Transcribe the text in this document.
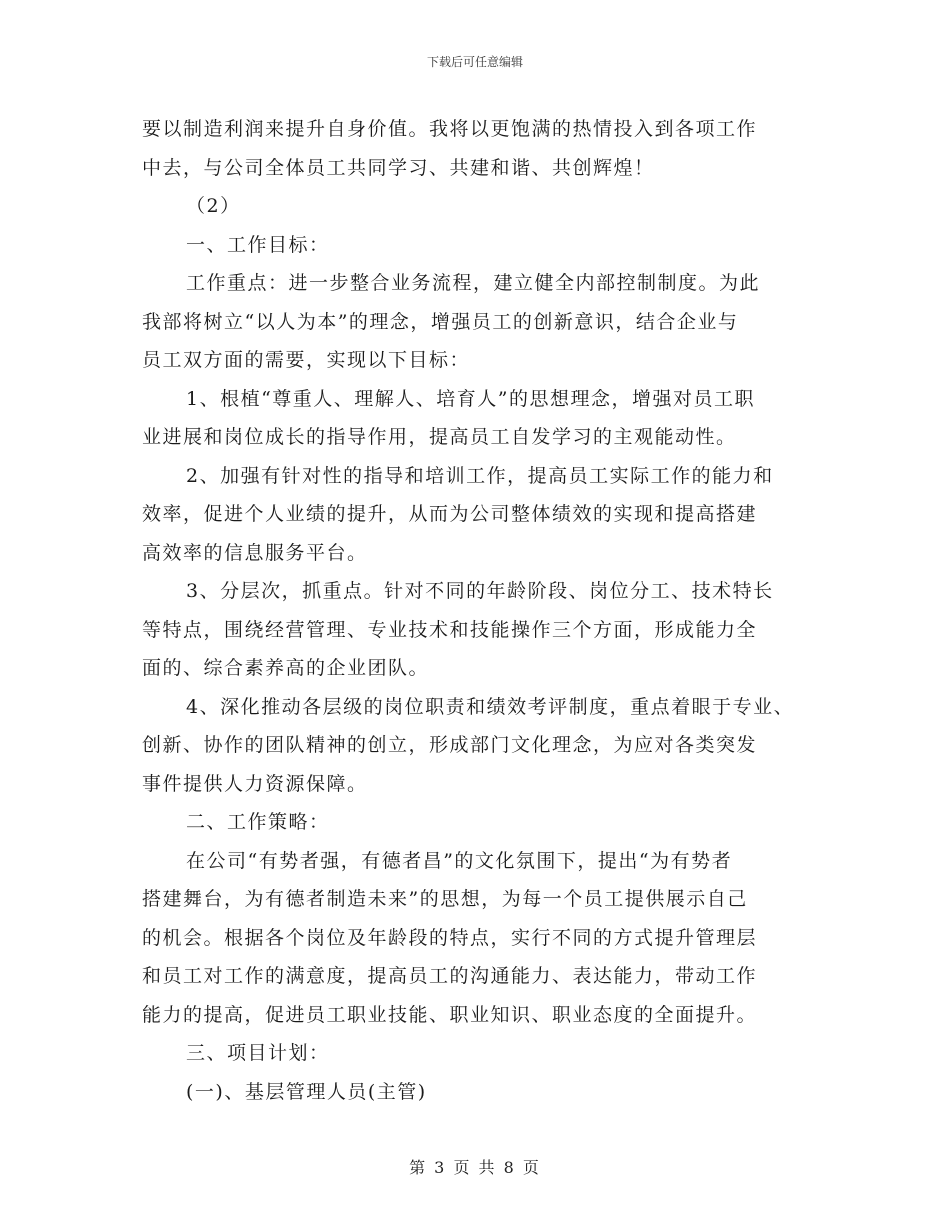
下载后可任意编辑
要以制造利润来提升自身价值。我将以更饱满的热情投入到各项工作
中去，与公司全体员工共同学习、共建和谐、共创辉煌！
（2）
一、工作目标：
工作重点：进一步整合业务流程，建立健全内部控制制度。为此
我部将树立“以人为本”的理念，增强员工的创新意识，结合企业与
员工双方面的需要，实现以下目标：
1、根植“尊重人、理解人、培育人”的思想理念，增强对员工职
业进展和岗位成长的指导作用，提高员工自发学习的主观能动性。
2、加强有针对性的指导和培训工作，提高员工实际工作的能力和
效率，促进个人业绩的提升，从而为公司整体绩效的实现和提高搭建
高效率的信息服务平台。
3、分层次，抓重点。针对不同的年龄阶段、岗位分工、技术特长
等特点，围绕经营管理、专业技术和技能操作三个方面，形成能力全
面的、综合素养高的企业团队。
4、深化推动各层级的岗位职责和绩效考评制度，重点着眼于专业、
创新、协作的团队精神的创立，形成部门文化理念，为应对各类突发
事件提供人力资源保障。
二、工作策略：
在公司“有势者强，有德者昌”的文化氛围下，提出“为有势者
搭建舞台，为有德者制造未来”的思想，为每一个员工提供展示自己
的机会。根据各个岗位及年龄段的特点，实行不同的方式提升管理层
和员工对工作的满意度，提高员工的沟通能力、表达能力，带动工作
能力的提高，促进员工职业技能、职业知识、职业态度的全面提升。
三、项目计划：
(一)、基层管理人员(主管)
第 3 页 共 8 页
